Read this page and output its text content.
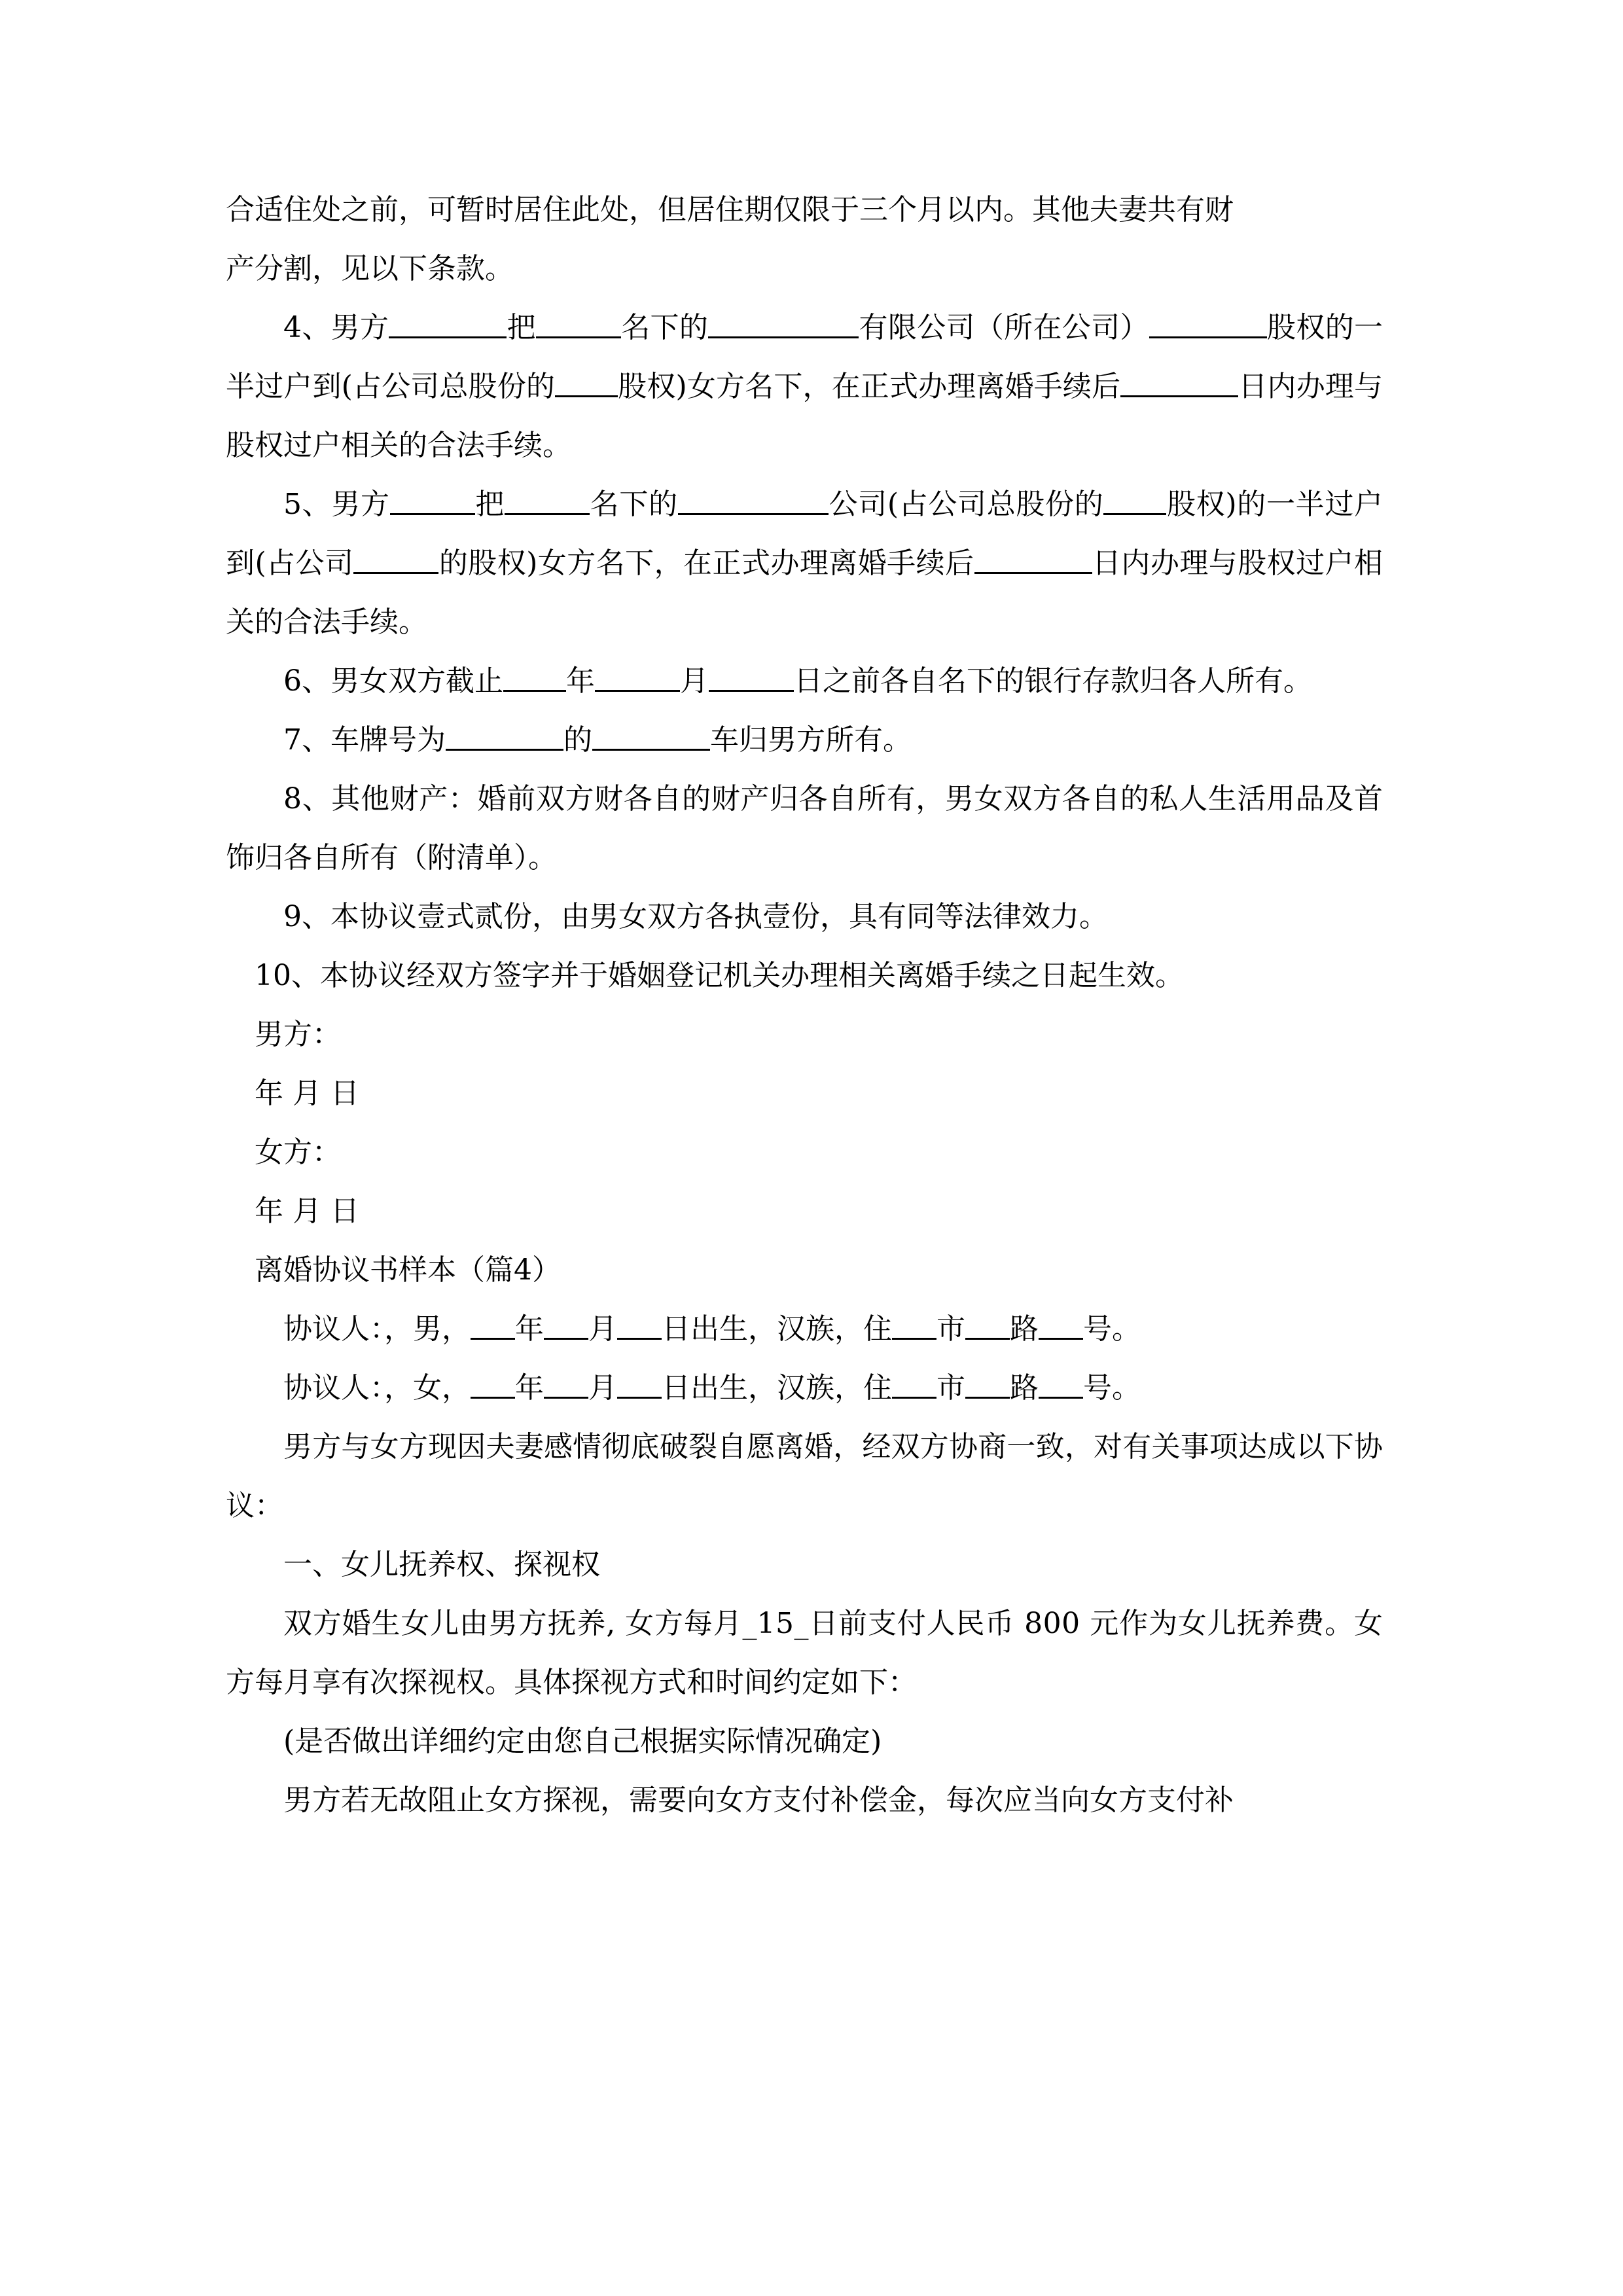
合适住处之前，可暂时居住此处，但居住期仅限于三个月以内。其他夫妻共有财
产分割，见以下条款。

4、男方	把	名下的	有限公司（所在公司）	股权的一半过户到(占公司总股份的 股权)女方名下，在正式办理离婚手续后	日内办理与股权过户相关的合法手续。

5、男方	把	名下的	公司(占公司总股份的 股权)的一半过户到(占公司	的股权)女方名下，在正式办理离婚手续后	日内办理与股权过户相关的合法手续。

6、男女双方截止 年	月	日之前各自名下的银行存款归各人所有。

7、车牌号为	的	车归男方所有。

8、其他财产：婚前双方财各自的财产归各自所有，男女双方各自的私人生活用品及首饰归各自所有（附清单）。

9、本协议壹式贰份，由男女双方各执壹份，具有同等法律效力。

10、本协议经双方签字并于婚姻登记机关办理相关离婚手续之日起生效。

男方：

年 月 日

女方：

年 月 日

离婚协议书样本（篇4）

协议人：，男， 年 月 日出生，汉族，住 市 路 号。

协议人：，女， 年 月 日出生，汉族，住 市 路 号。

男方与女方现因夫妻感情彻底破裂自愿离婚，经双方协商一致，对有关事项达成以下协议：

一、女儿抚养权、探视权

双方婚生女儿由男方抚养, 女方每月_15_日前支付人民币 800 元作为女儿抚养费。女方每月享有次探视权。具体探视方式和时间约定如下：

(是否做出详细约定由您自己根据实际情况确定)

男方若无故阻止女方探视，需要向女方支付补偿金，每次应当向女方支付补
